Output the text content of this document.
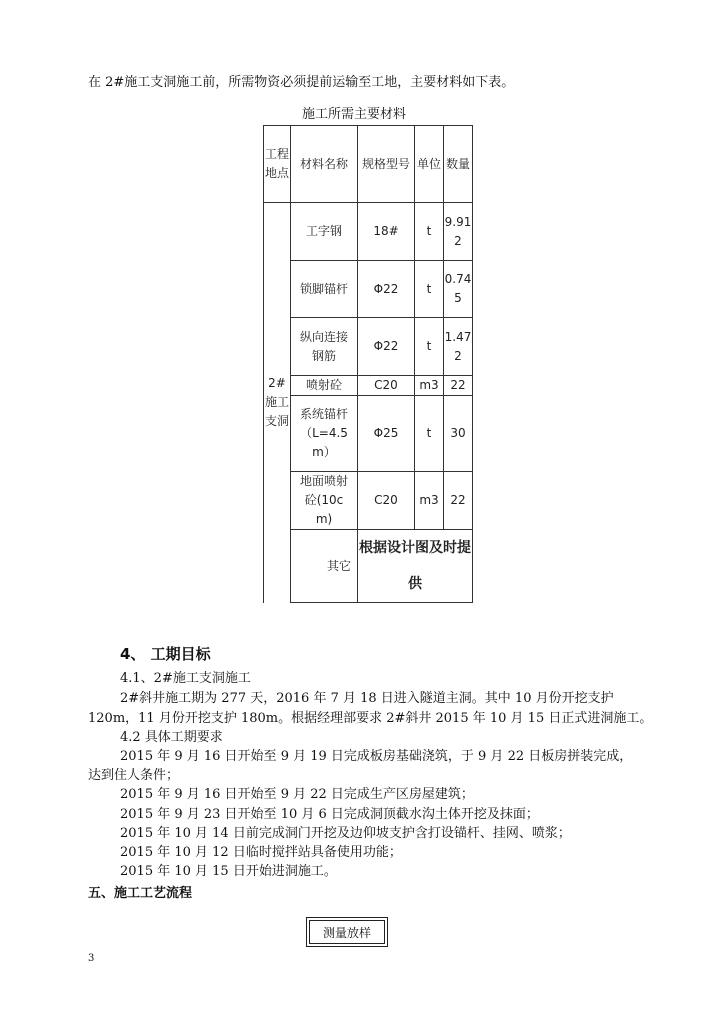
在 2#施工支洞施工前，所需物资必须提前运输至工地，主要材料如下表。
施工所需主要材料
工程地点	材料名称	规格型号	单位	数量
2#施工支洞	工字钢	18#	t	9.912
	锁脚锚杆	Φ22	t	0.745
	纵向连接钢筋	Φ22	t	1.472
	喷射砼	C20	m3	22
	系统锚杆（L=4.5m）	Φ25	t	30
	地面喷射砼(10cm)	C20	m3	22
	其它	根据设计图及时提供		
4、 工期目标
4.1、2#施工支洞施工
2#斜井施工期为 277 天，2016 年 7 月 18 日进入隧道主洞。其中 10 月份开挖支护
120m，11 月份开挖支护 180m。根据经理部要求 2#斜井 2015 年 10 月 15 日正式进洞施工。
4.2 具体工期要求
2015 年 9 月 16 日开始至 9 月 19 日完成板房基础浇筑，于 9 月 22 日板房拼装完成，
达到住人条件；
2015 年 9 月 16 日开始至 9 月 22 日完成生产区房屋建筑；
2015 年 9 月 23 日开始至 10 月 6 日完成洞顶截水沟土体开挖及抹面；
2015 年 10 月 14 日前完成洞门开挖及边仰坡支护含打设锚杆、挂网、喷浆；
2015 年 10 月 12 日临时搅拌站具备使用功能；
2015 年 10 月 15 日开始进洞施工。
五、施工工艺流程
测量放样
3
